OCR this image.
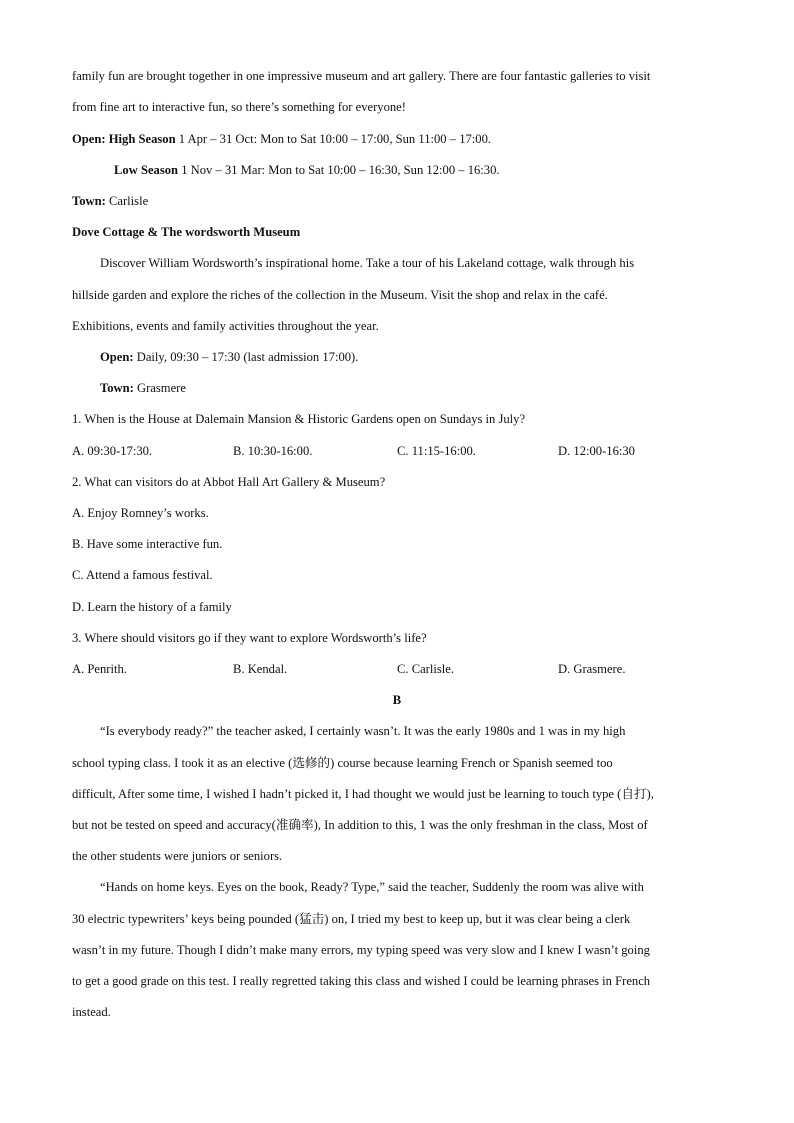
family fun are brought together in one impressive museum and art gallery. There are four fantastic galleries to visit
from fine art to interactive fun, so there’s something for everyone!
Open: High Season 1 Apr – 31 Oct: Mon to Sat 10:00 – 17:00, Sun 11:00 – 17:00.
Low Season 1 Nov – 31 Mar: Mon to Sat 10:00 – 16:30, Sun 12:00 – 16:30.
Town: Carlisle
Dove Cottage & The wordsworth Museum
Discover William Wordsworth’s inspirational home. Take a tour of his Lakeland cottage, walk through his
hillside garden and explore the riches of the collection in the Museum. Visit the shop and relax in the café.
Exhibitions, events and family activities throughout the year.
Open: Daily, 09:30 – 17:30 (last admission 17:00).
Town: Grasmere
1. When is the House at Dalemain Mansion & Historic Gardens open on Sundays in July?
A. 09:30-17:30.	B. 10:30-16:00.	C. 11:15-16:00.	D. 12:00-16:30
2. What can visitors do at Abbot Hall Art Gallery & Museum?
A. Enjoy Romney’s works.
B. Have some interactive fun.
C. Attend a famous festival.
D. Learn the history of a family
3. Where should visitors go if they want to explore Wordsworth’s life?
A. Penrith.	B. Kendal.	C. Carlisle.	D. Grasmere.
B
“Is everybody ready?” the teacher asked, I certainly wasn’t. It was the early 1980s and 1 was in my high
school typing class. I took it as an elective (选修的) course because learning French or Spanish seemed too
difficult, After some time, I wished I hadn’t picked it, I had thought we would just be learning to touch type (自打),
but not be tested on speed and accuracy(准确率), In addition to this, 1 was the only freshman in the class, Most of
the other students were juniors or seniors.
“Hands on home keys. Eyes on the book, Ready? Type,” said the teacher, Suddenly the room was alive with
30 electric typewriters’ keys being pounded (猛击) on, I tried my best to keep up, but it was clear being a clerk
wasn’t in my future. Though I didn’t make many errors, my typing speed was very slow and I knew I wasn’t going
to get a good grade on this test. I really regretted taking this class and wished I could be learning phrases in French
instead.
